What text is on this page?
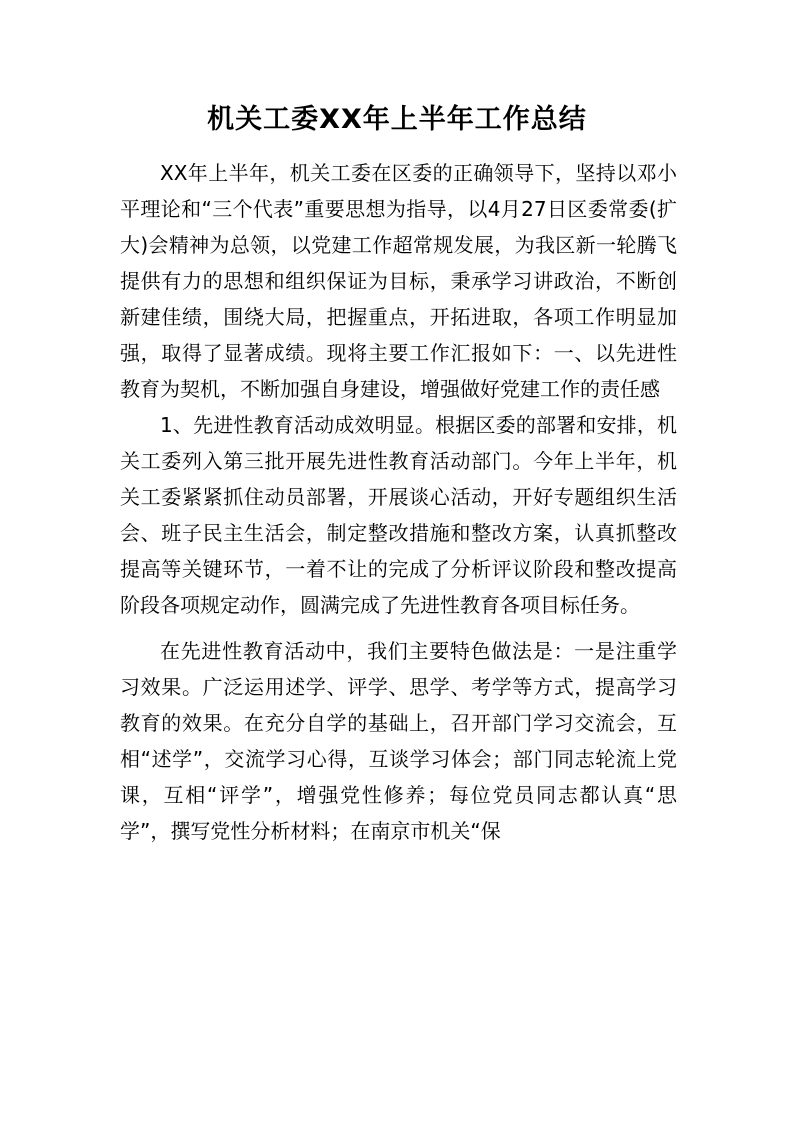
机关工委XX年上半年工作总结

XX年上半年，机关工委在区委的正确领导下，坚持以邓小平理论和“三个代表”重要思想为指导，以4月27日区委常委(扩大)会精神为总领，以党建工作超常规发展，为我区新一轮腾飞提供有力的思想和组织保证为目标，秉承学习讲政治，不断创新建佳绩，围绕大局，把握重点，开拓进取，各项工作明显加强，取得了显著成绩。现将主要工作汇报如下：一、以先进性教育为契机，不断加强自身建设，增强做好党建工作的责任感

1、先进性教育活动成效明显。根据区委的部署和安排，机关工委列入第三批开展先进性教育活动部门。今年上半年，机关工委紧紧抓住动员部署，开展谈心活动，开好专题组织生活会、班子民主生活会，制定整改措施和整改方案，认真抓整改提高等关键环节，一着不让的完成了分析评议阶段和整改提高阶段各项规定动作，圆满完成了先进性教育各项目标任务。

在先进性教育活动中，我们主要特色做法是：一是注重学习效果。广泛运用述学、评学、思学、考学等方式，提高学习教育的效果。在充分自学的基础上，召开部门学习交流会，互相“述学”，交流学习心得，互谈学习体会；部门同志轮流上党课，互相“评学”，增强党性修养；每位党员同志都认真“思学”，撰写党性分析材料；在南京市机关“保
